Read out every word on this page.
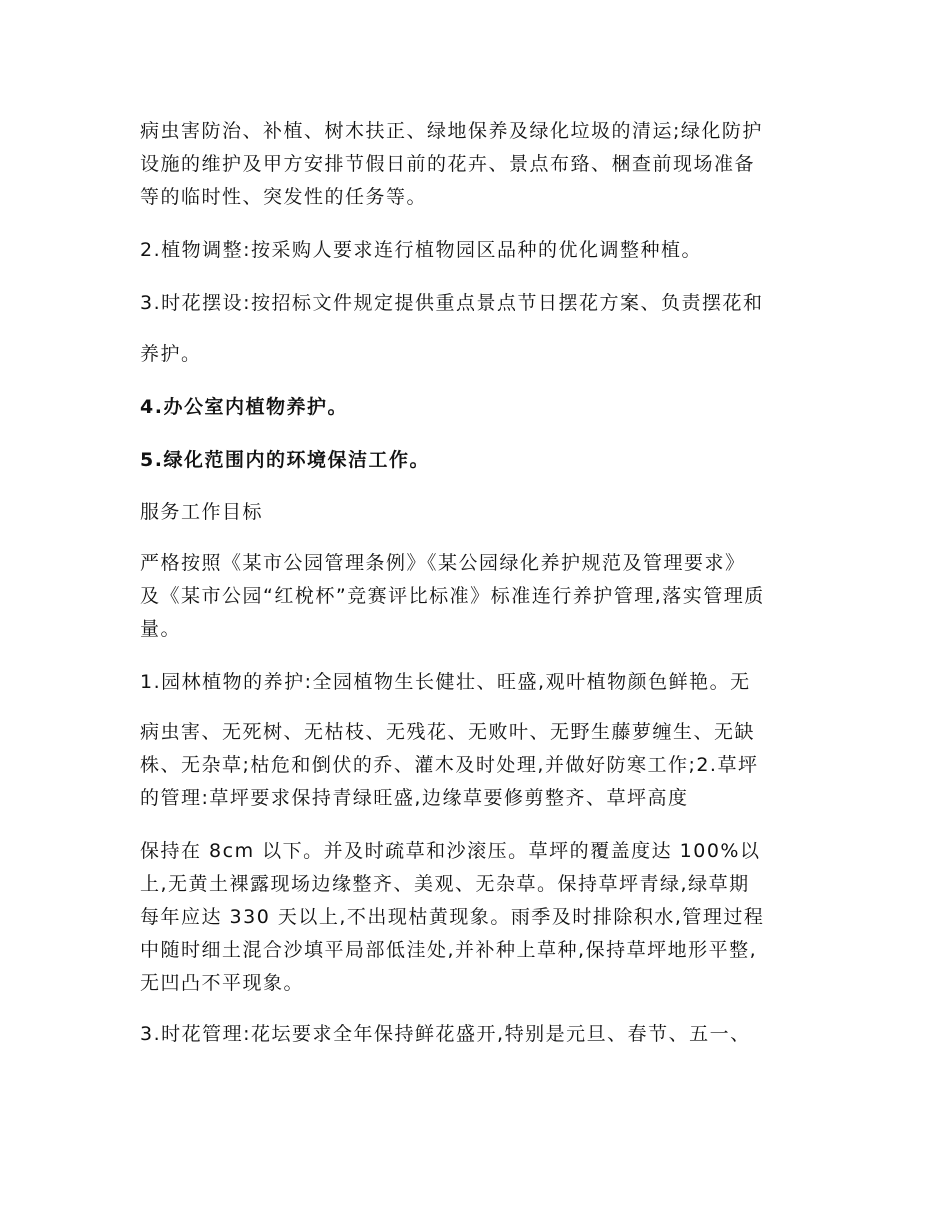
病虫害防治、补植、树木扶正、绿地保养及绿化垃圾的清运;绿化防护
设施的维护及甲方安排节假日前的花卉、景点布臵、梱查前现场准备
等的临时性、突发性的任务等。
2.植物调整:按采购人要求连行植物园区品种的优化调整种植。
3.时花摆设:按招标文件规定提供重点景点节日摆花方案、负责摆花和
养护。
4.办公室内植物养护。
5.绿化范围内的环境保洁工作。
服务工作目标
严格按照《某市公园管理条例》《某公园绿化养护规范及管理要求》
及《某市公园“红梲杯”竞赛评比标准》标准连行养护管理,落实管理质
量。
1.园林植物的养护:全园植物生长健壮、旺盛,观叶植物颜色鲜艳。无
病虫害、无死树、无枯枝、无残花、无败叶、无野生藤萝缠生、无缺
株、无杂草;枯危和倒伏的乔、灌木及时处理,并做好防寒工作;2.草坪
的管理:草坪要求保持青绿旺盛,边缘草要修剪整齐、草坪高度
保持在 8cm 以下。并及时疏草和沙滚压。草坪的覆盖度达 100%以
上,无黄土裸露现场边缘整齐、美观、无杂草。保持草坪青绿,绿草期
每年应达 330 天以上,不出现枯黄现象。雨季及时排除积水,管理过程
中随时细土混合沙填平局部低洼处,并补种上草种,保持草坪地形平整,
无凹凸不平现象。
3.时花管理:花坛要求全年保持鲜花盛开,特别是元旦、春节、五一、
